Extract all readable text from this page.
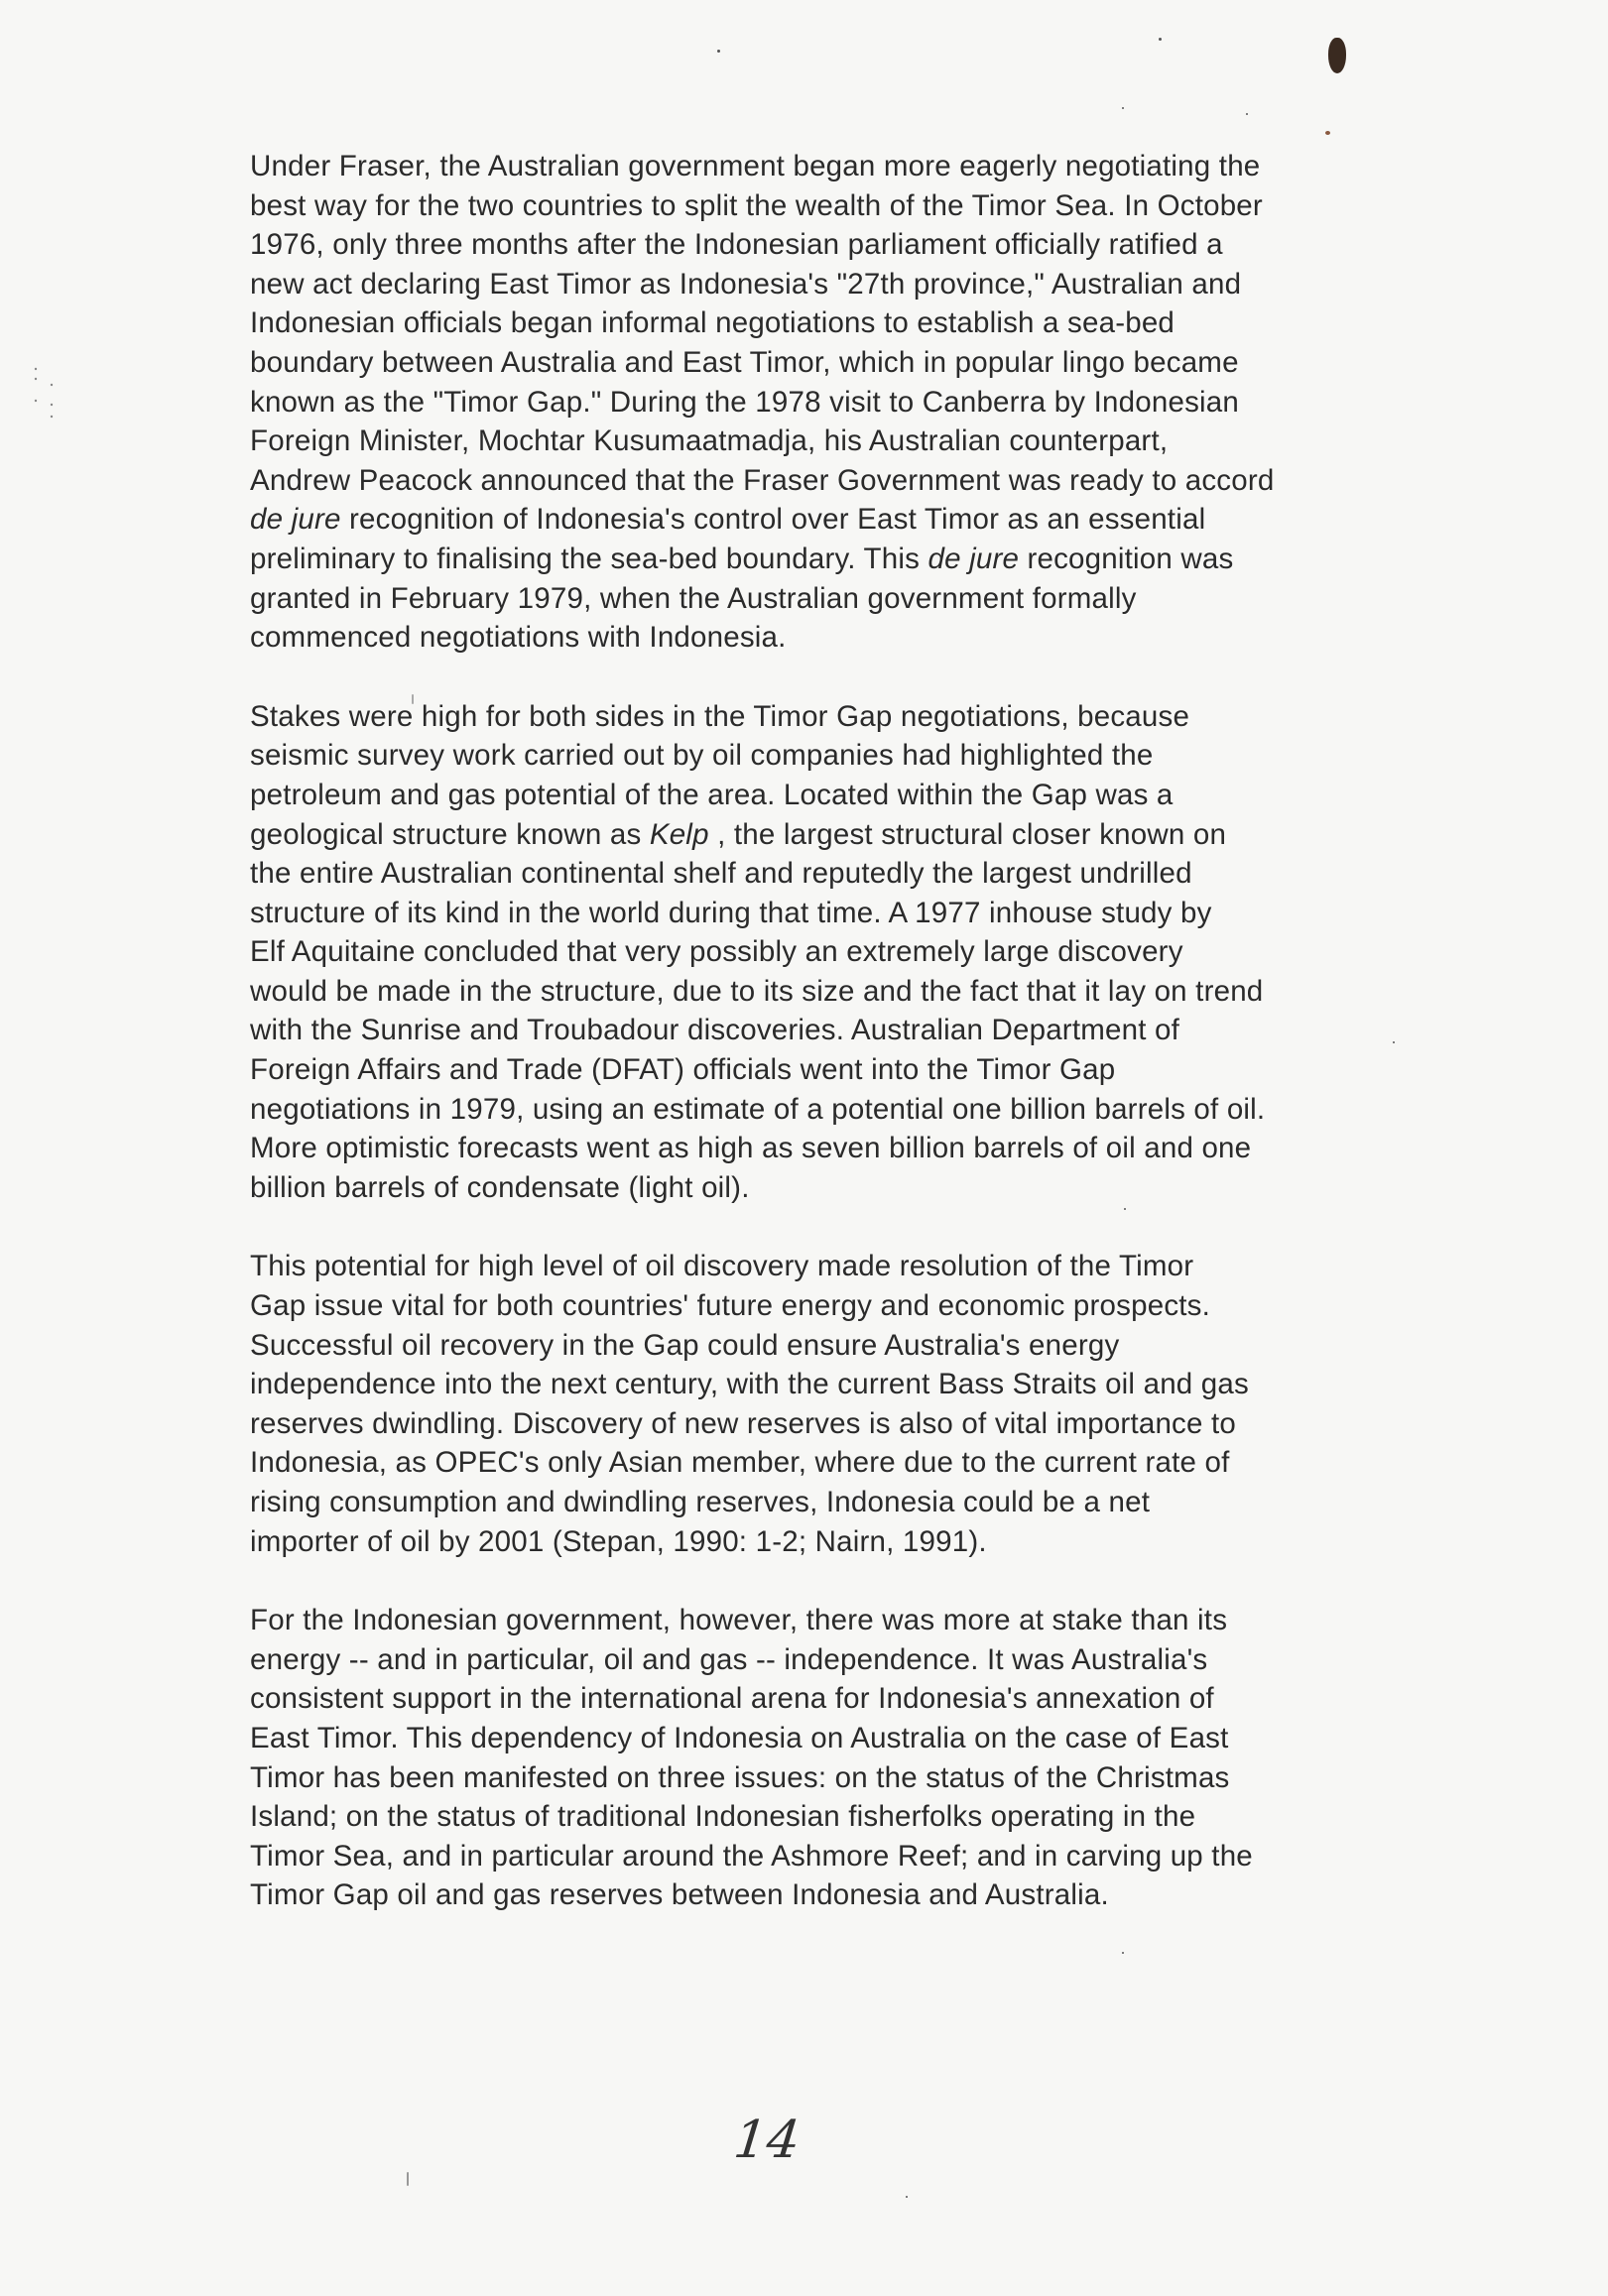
Under Fraser, the Australian government began more eagerly negotiating the
best way for the two countries to split the wealth of the Timor Sea. In October
1976, only three months after the Indonesian parliament officially ratified a
new act declaring East Timor as Indonesia's "27th province," Australian and
Indonesian officials began informal negotiations to establish a sea-bed
boundary between Australia and East Timor, which in popular lingo became
known as the "Timor Gap." During the 1978 visit to Canberra by Indonesian
Foreign Minister, Mochtar Kusumaatmadja, his Australian counterpart,
Andrew Peacock announced that the Fraser Government was ready to accord
de jure recognition of Indonesia's control over East Timor as an essential
preliminary to finalising the sea-bed boundary. This de jure recognition was
granted in February 1979, when the Australian government formally
commenced negotiations with Indonesia.
Stakes were high for both sides in the Timor Gap negotiations, because
seismic survey work carried out by oil companies had highlighted the
petroleum and gas potential of the area. Located within the Gap was a
geological structure known as Kelp , the largest structural closer known on
the entire Australian continental shelf and reputedly the largest undrilled
structure of its kind in the world during that time. A 1977 inhouse study by
Elf Aquitaine concluded that very possibly an extremely large discovery
would be made in the structure, due to its size and the fact that it lay on trend
with the Sunrise and Troubadour discoveries. Australian Department of
Foreign Affairs and Trade (DFAT) officials went into the Timor Gap
negotiations in 1979, using an estimate of a potential one billion barrels of oil.
More optimistic forecasts went as high as seven billion barrels of oil and one
billion barrels of condensate (light oil).
This potential for high level of oil discovery made resolution of the Timor
Gap issue vital for both countries' future energy and economic prospects.
Successful oil recovery in the Gap could ensure Australia's energy
independence into the next century, with the current Bass Straits oil and gas
reserves dwindling. Discovery of new reserves is also of vital importance to
Indonesia, as OPEC's only Asian member, where due to the current rate of
rising consumption and dwindling reserves, Indonesia could be a net
importer of oil by 2001 (Stepan, 1990: 1-2; Nairn, 1991).
For the Indonesian government, however, there was more at stake than its
energy -- and in particular, oil and gas -- independence. It was Australia's
consistent support in the international arena for Indonesia's annexation of
East Timor. This dependency of Indonesia on Australia on the case of East
Timor has been manifested on three issues: on the status of the Christmas
Island; on the status of traditional Indonesian fisherfolks operating in the
Timor Sea, and in particular around the Ashmore Reef; and in carving up the
Timor Gap oil and gas reserves between Indonesia and Australia.
14
